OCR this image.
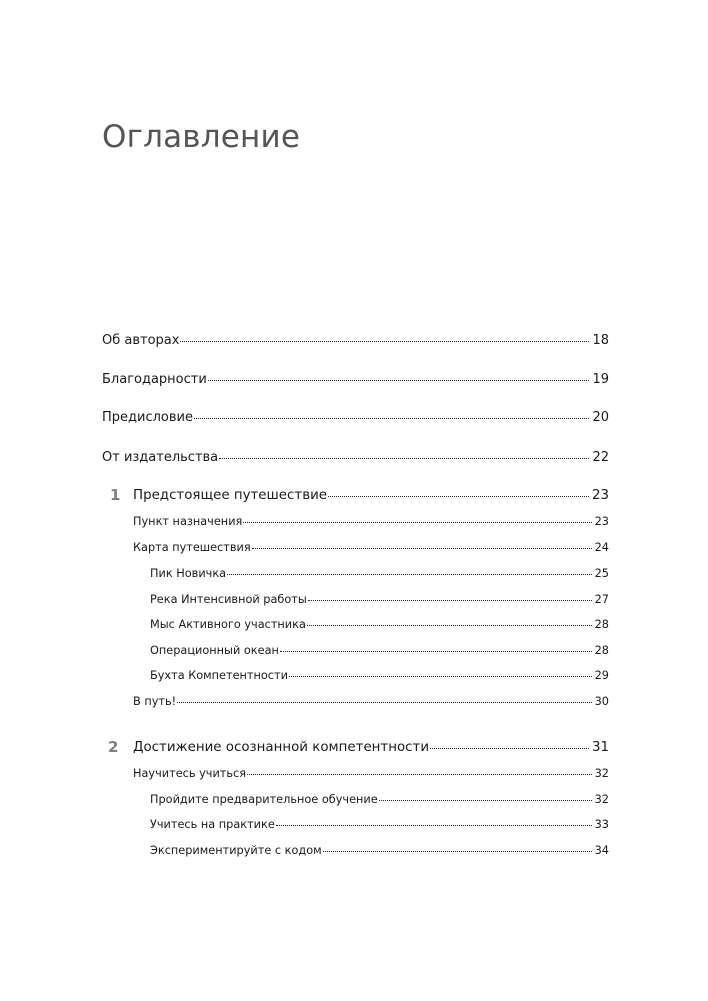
Оглавление
Об авторах	18
Благодарности	19
Предисловие	20
От издательства	22
1 Предстоящее путешествие	23
Пункт назначения	23
Карта путешествия	24
Пик Новичка	25
Река Интенсивной работы	27
Мыс Активного участника	28
Операционный океан	28
Бухта Компетентности	29
В путь!	30
2 Достижение осознанной компетентности	31
Научитесь учиться	32
Пройдите предварительное обучение	32
Учитесь на практике	33
Экспериментируйте с кодом	34
